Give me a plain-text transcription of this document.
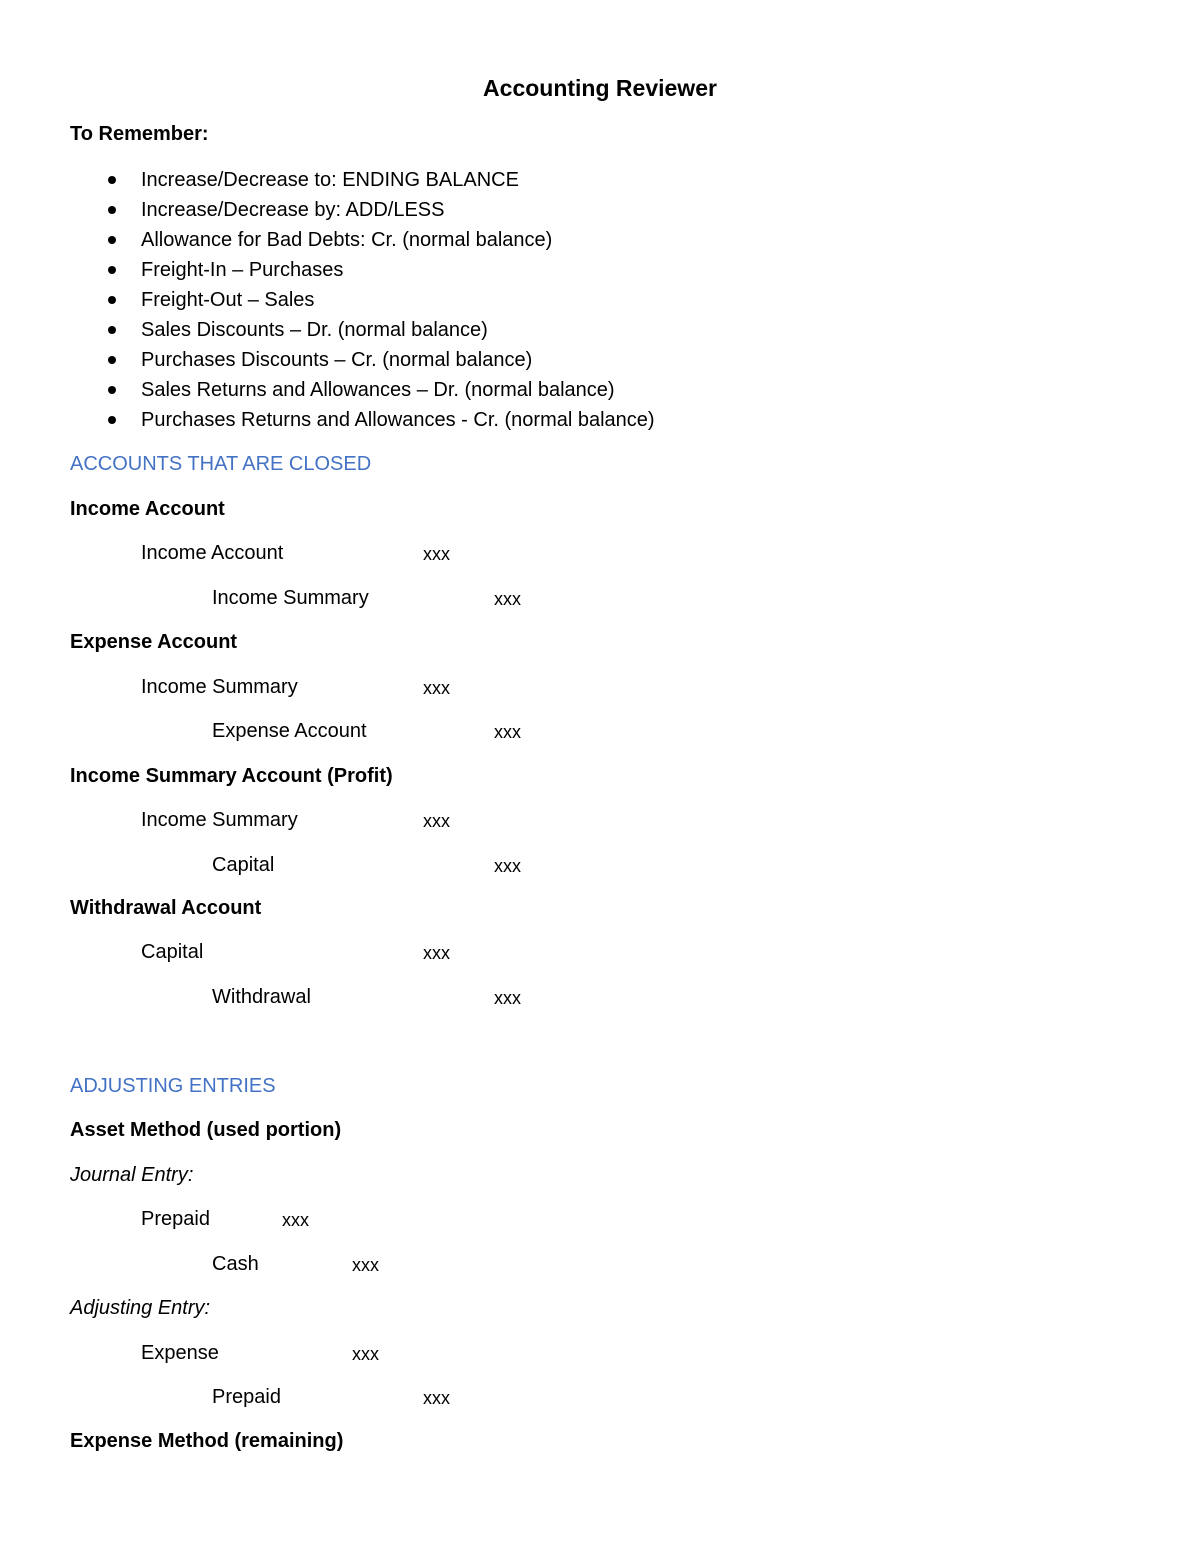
Accounting Reviewer
To Remember:
Increase/Decrease to: ENDING BALANCE
Increase/Decrease by: ADD/LESS
Allowance for Bad Debts: Cr. (normal balance)
Freight-In – Purchases
Freight-Out – Sales
Sales Discounts – Dr. (normal balance)
Purchases Discounts – Cr. (normal balance)
Sales Returns and Allowances – Dr. (normal balance)
Purchases Returns and Allowances - Cr. (normal balance)
ACCOUNTS THAT ARE CLOSED
Income Account
Income Account	xxx
Income Summary	xxx
Expense Account
Income Summary	xxx
Expense Account	xxx
Income Summary Account (Profit)
Income Summary	xxx
Capital	xxx
Withdrawal Account
Capital	xxx
Withdrawal	xxx
ADJUSTING ENTRIES
Asset Method (used portion)
Journal Entry:
Prepaid	xxx
Cash	xxx
Adjusting Entry:
Expense	xxx
Prepaid	xxx
Expense Method (remaining)
